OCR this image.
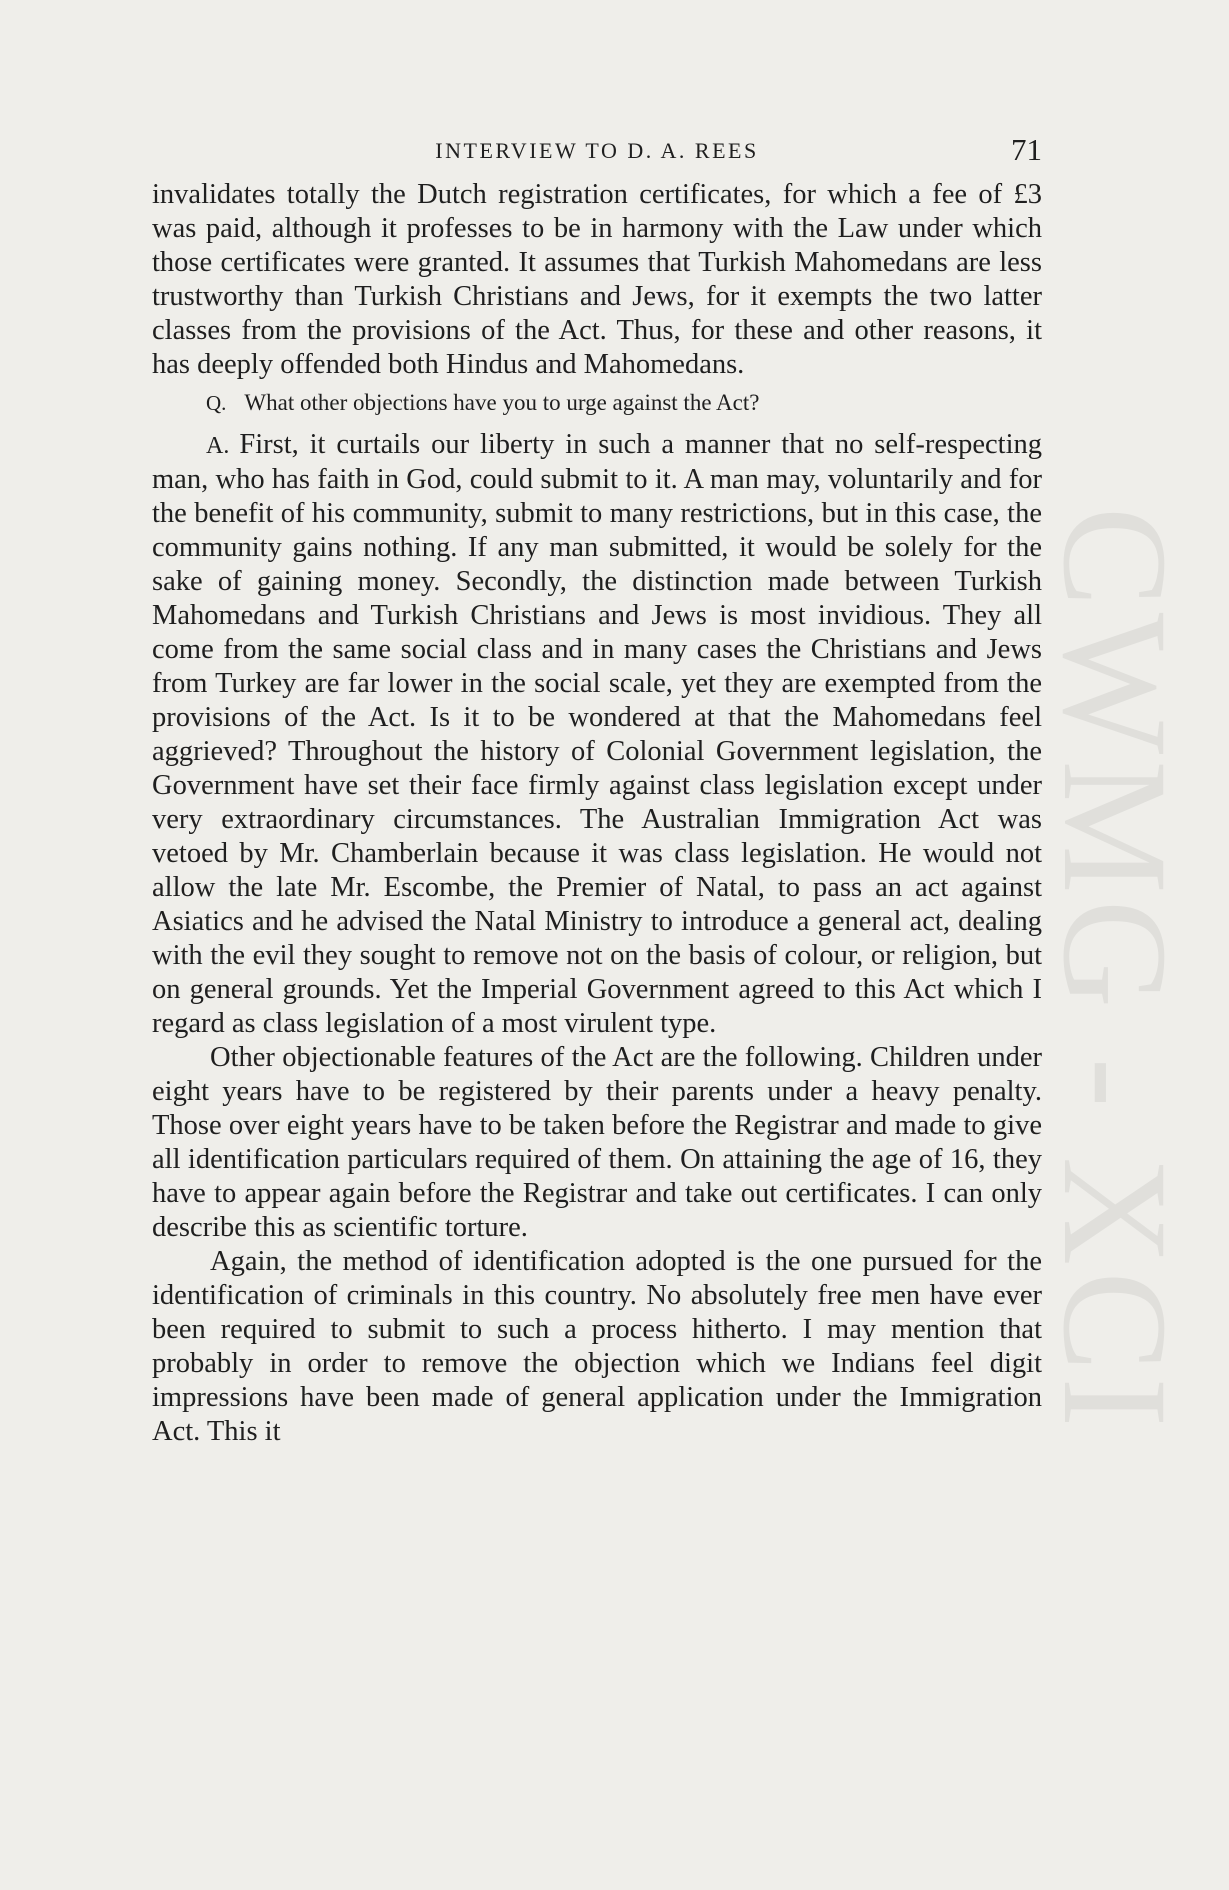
INTERVIEW TO D. A. REES	71
CWMG - XCI

invalidates totally the Dutch registration certificates, for which a fee of £3 was paid, although it professes to be in harmony with the Law under which those certificates were granted. It assumes that Turkish Mahomedans are less trustworthy than Turkish Christians and Jews, for it exempts the two latter classes from the provisions of the Act. Thus, for these and other reasons, it has deeply offended both Hindus and Mahomedans.

Q. What other objections have you to urge against the Act?

A. First, it curtails our liberty in such a manner that no self-respecting man, who has faith in God, could submit to it. A man may, voluntarily and for the benefit of his community, submit to many restrictions, but in this case, the community gains nothing. If any man submitted, it would be solely for the sake of gaining money. Secondly, the distinction made between Turkish Mahomedans and Turkish Christians and Jews is most invidious. They all come from the same social class and in many cases the Christians and Jews from Turkey are far lower in the social scale, yet they are exempted from the provisions of the Act. Is it to be wondered at that the Mahomedans feel aggrieved? Throughout the history of Colonial Government legislation, the Government have set their face firmly against class legislation except under very extraordinary circumstances. The Australian Immigration Act was vetoed by Mr. Chamberlain because it was class legislation. He would not allow the late Mr. Escombe, the Premier of Natal, to pass an act against Asiatics and he advised the Natal Ministry to introduce a general act, dealing with the evil they sought to remove not on the basis of colour, or religion, but on general grounds. Yet the Imperial Government agreed to this Act which I regard as class legislation of a most virulent type.

Other objectionable features of the Act are the following. Children under eight years have to be registered by their parents under a heavy penalty. Those over eight years have to be taken before the Registrar and made to give all identification particulars required of them. On attaining the age of 16, they have to appear again before the Registrar and take out certificates. I can only describe this as scientific torture.

Again, the method of identification adopted is the one pursued for the identification of criminals in this country. No absolutely free men have ever been required to submit to such a process hitherto. I may mention that probably in order to remove the objection which we Indians feel digit impressions have been made of general application under the Immigration Act. This it
